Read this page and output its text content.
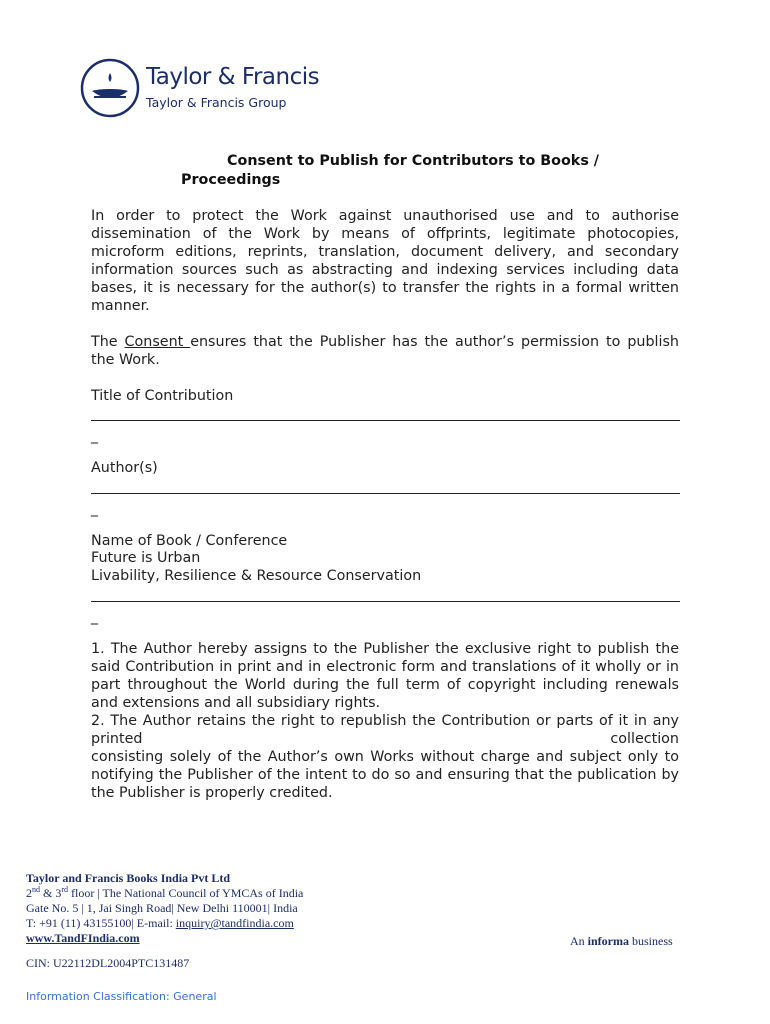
Taylor & Francis
Taylor & Francis Group
Consent to Publish for Contributors to Books /
Proceedings
In order to protect the Work against unauthorised use and to authorise dissemination of the Work by means of offprints, legitimate photocopies, microform editions, reprints, translation, document delivery, and secondary information sources such as abstracting and indexing services including data bases, it is necessary for the author(s) to transfer the rights in a formal written manner.
The Consent ensures that the Publisher has the author’s permission to publish the Work.
Title of Contribution
_
Author(s)
_
Name of Book / Conference
Future is Urban
Livability, Resilience & Resource Conservation
_
1. The Author hereby assigns to the Publisher the exclusive right to publish the said Contribution in print and in electronic form and translations of it wholly or in part throughout the World during the full term of copyright including renewals and extensions and all subsidiary rights.
2. The Author retains the right to republish the Contribution or parts of it in any printed collection
consisting solely of the Author’s own Works without charge and subject only to notifying the Publisher of the intent to do so and ensuring that the publication by the Publisher is properly credited.
Taylor and Francis Books India Pvt Ltd
2nd & 3rd floor | The National Council of YMCAs of India
Gate No. 5 | 1, Jai Singh Road| New Delhi 110001| India
T: +91 (11) 43155100| E-mail: inquiry@tandfindia.com
www.TandFIndia.com	An informa business
CIN: U22112DL2004PTC131487
Information Classification: General
